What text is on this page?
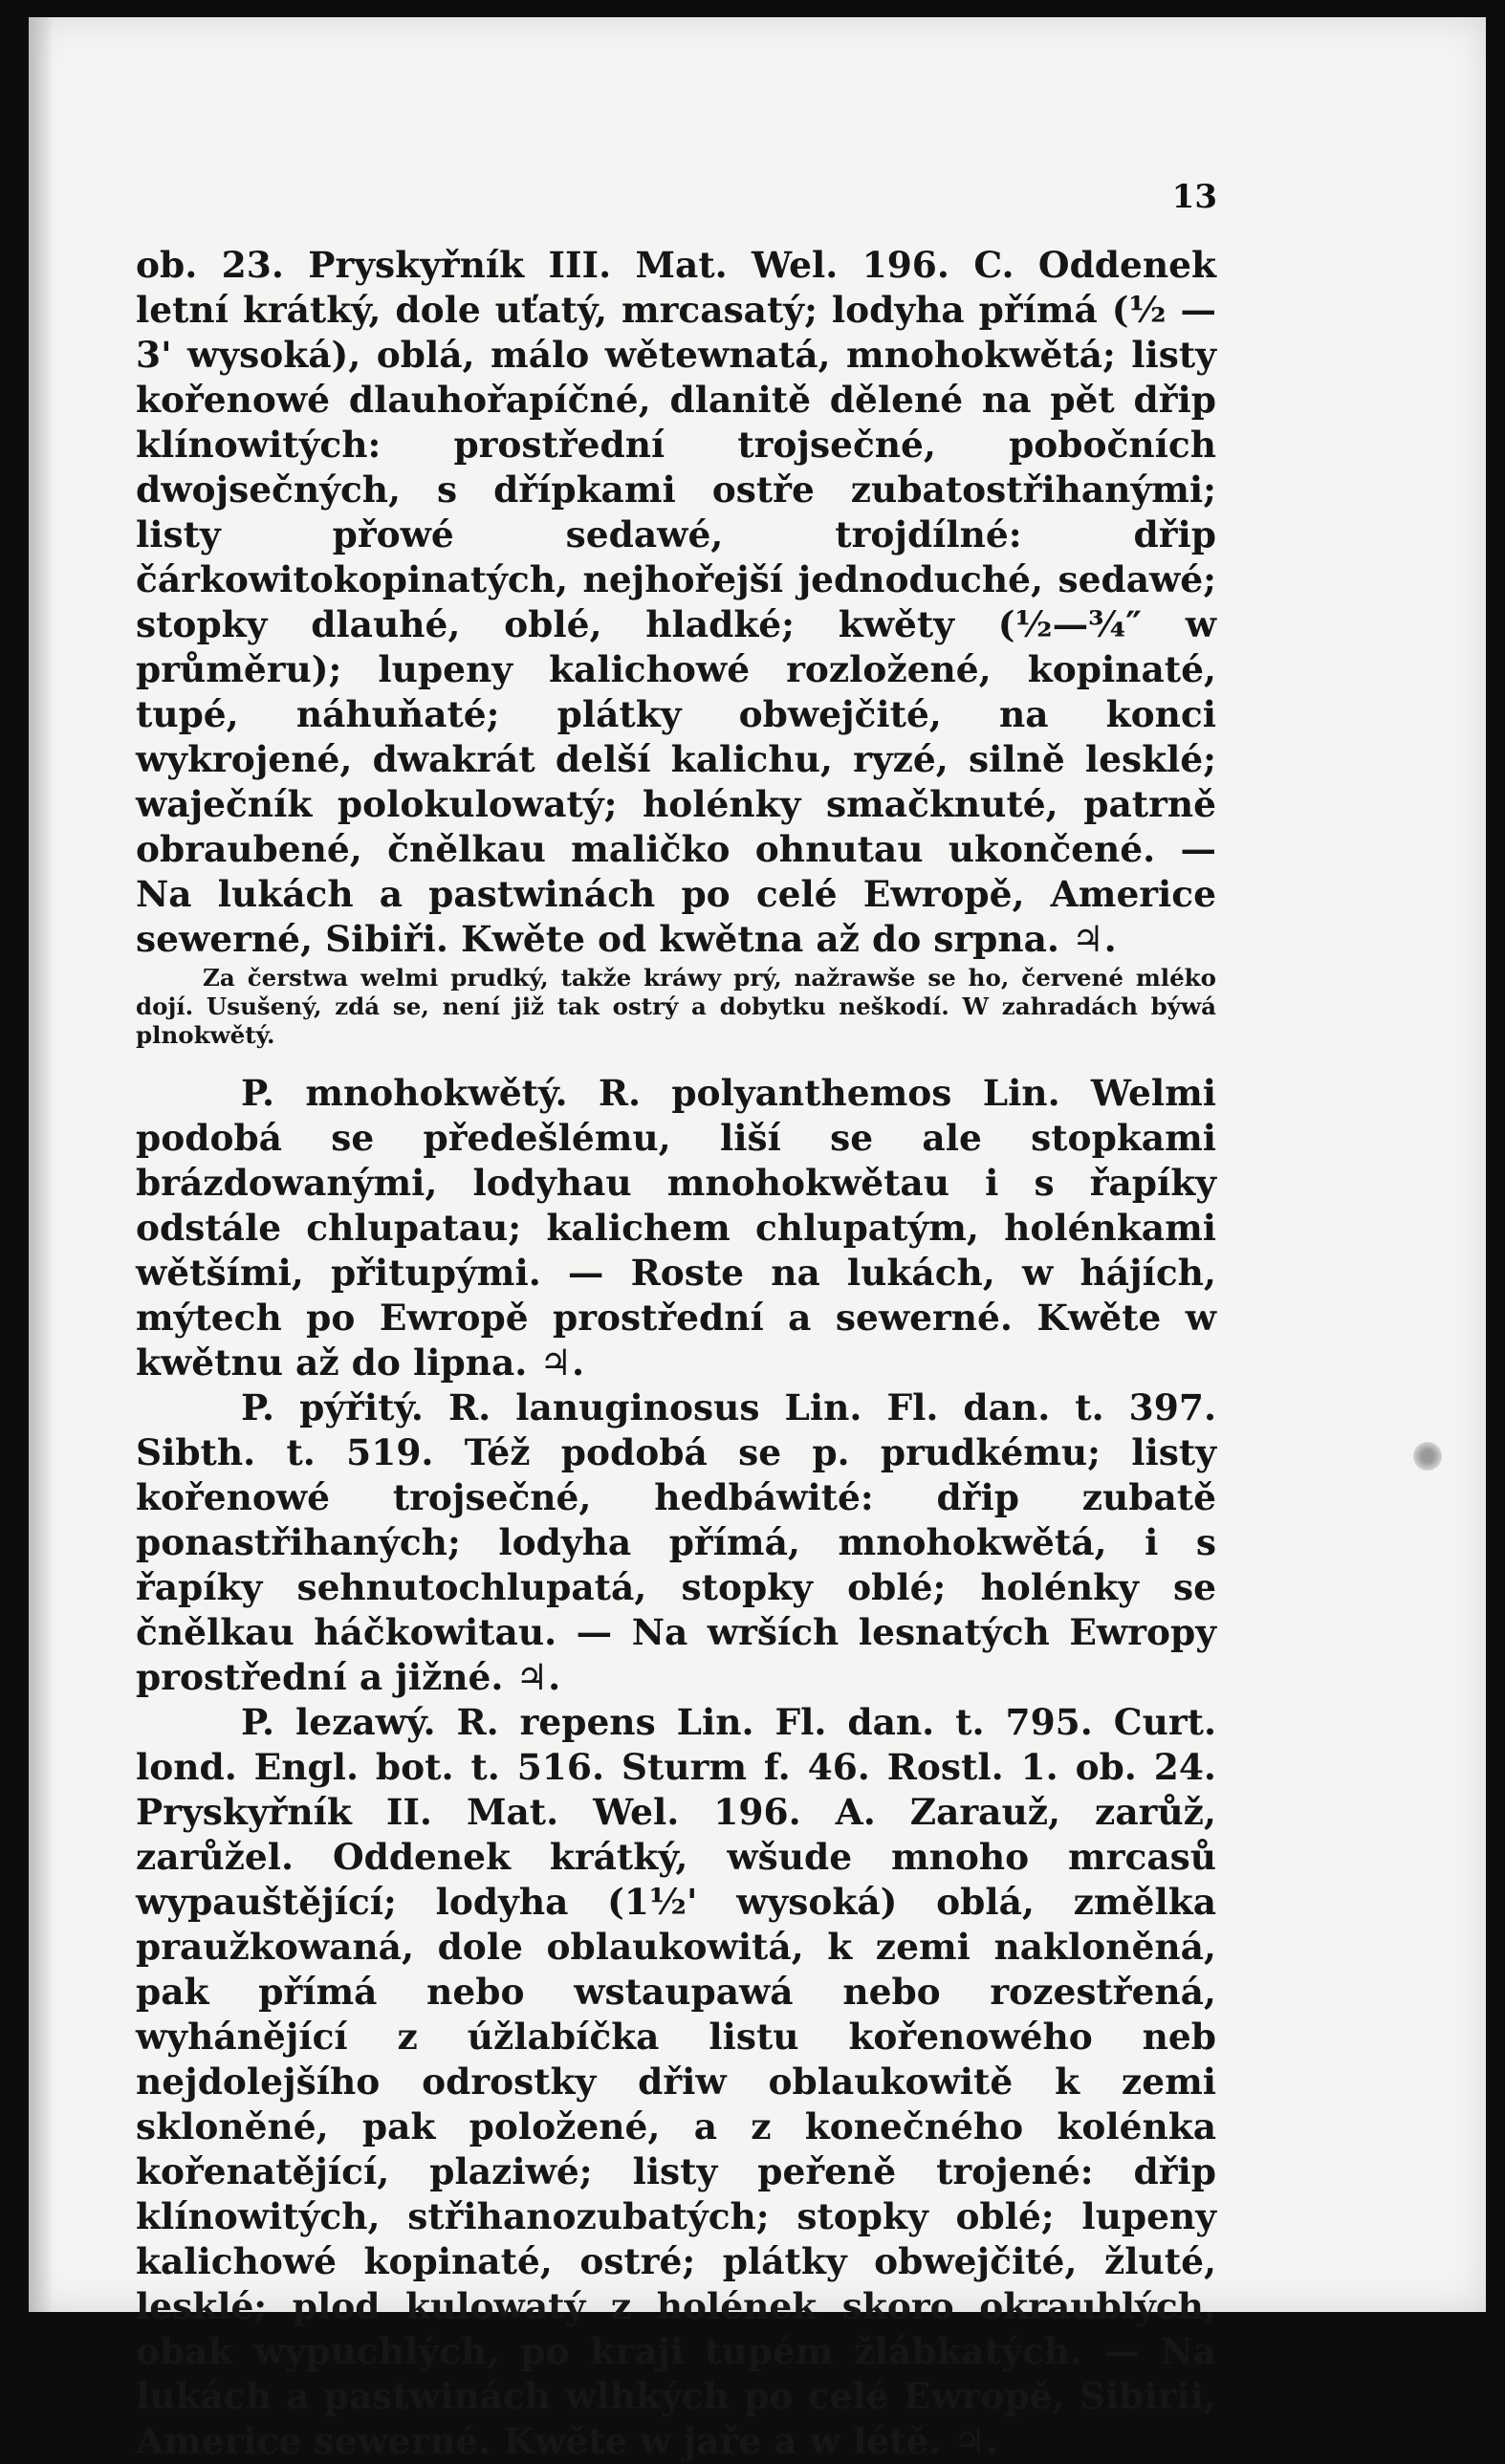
13

ob. 23. Pryskyřník III. Mat. Wel. 196. C. Oddenek letní krátký, dole uťatý, mrcasatý; lodyha přímá (½ —3' wysoká), oblá, málo wětewnatá, mnohokwětá; listy kořenowé dlauhořapíčné, dlanitě dělené na pět dřip klínowitých: prostřední trojsečné, pobočních dwojsečných, s dřípkami ostře zubatostřihanými; listy přowé sedawé, trojdílné: dřip čárkowitokopinatých, nejhořejší jednoduché, sedawé; stopky dlauhé, oblé, hladké; kwěty (½—¾″ w průměru); lupeny kalichowé rozložené, kopinaté, tupé, náhuňaté; plátky obwejčité, na konci wykrojené, dwakrát delší kalichu, ryzé, silně lesklé; waječník polokulowatý; holénky smačknuté, patrně obraubené, čnělkau maličko ohnutau ukončené. — Na lukách a pastwinách po celé Ewropě, Americe sewerné, Sibiři. Kwěte od kwětna až do srpna. ♃.

Za čerstwa welmi prudký, takže kráwy prý, nažrawše se ho, červené mléko dojí. Usušený, zdá se, není již tak ostrý a dobytku neškodí. W zahradách býwá plnokwětý.

P. mnohokwětý. R. polyanthemos Lin. Welmi podobá se předešlému, liší se ale stopkami brázdowanými, lodyhau mnohokwětau i s řapíky odstále chlupatau; kalichem chlupatým, holénkami wětšími, přitupými. — Roste na lukách, w hájích, mýtech po Ewropě prostřední a sewerné. Kwěte w kwětnu až do lipna. ♃.

P. pýřitý. R. lanuginosus Lin. Fl. dan. t. 397. Sibth. t. 519. Též podobá se p. prudkému; listy kořenowé trojsečné, hedbáwité: dřip zubatě ponastřihaných; lodyha přímá, mnohokwětá, i s řapíky sehnutochlupatá, stopky oblé; holénky se čnělkau háčkowitau. — Na wrších lesnatých Ewropy prostřední a jižné. ♃.

P. lezawý. R. repens Lin. Fl. dan. t. 795. Curt. lond. Engl. bot. t. 516. Sturm f. 46. Rostl. 1. ob. 24. Pryskyřník II. Mat. Wel. 196. A. Zarauž, zarůž, zarůžel. Oddenek krátký, wšude mnoho mrcasů wypauštějící; lodyha (1½' wysoká) oblá, změlka praužkowaná, dole oblaukowitá, k zemi nakloněná, pak přímá nebo wstaupawá nebo rozestřená, wyhánějící z úžlabíčka listu kořenowého neb nejdolejšího odrostky dřiw oblaukowitě k zemi skloněné, pak položené, a z konečného kolénka kořenatějící, plaziwé; listy peřeně trojené: dřip klínowitých, střihanozubatých; stopky oblé; lupeny kalichowé kopinaté, ostré; plátky obwejčité, žluté, lesklé; plod kulowatý z holének skoro okraublých, obak wypuchlých, po kraji tupém žlábkatých. — Na lukách a pastwinách wlhkých po celé Ewropě, Sibirii, Americe sewerné. Kwěte w jaře a w létě. ♃.
